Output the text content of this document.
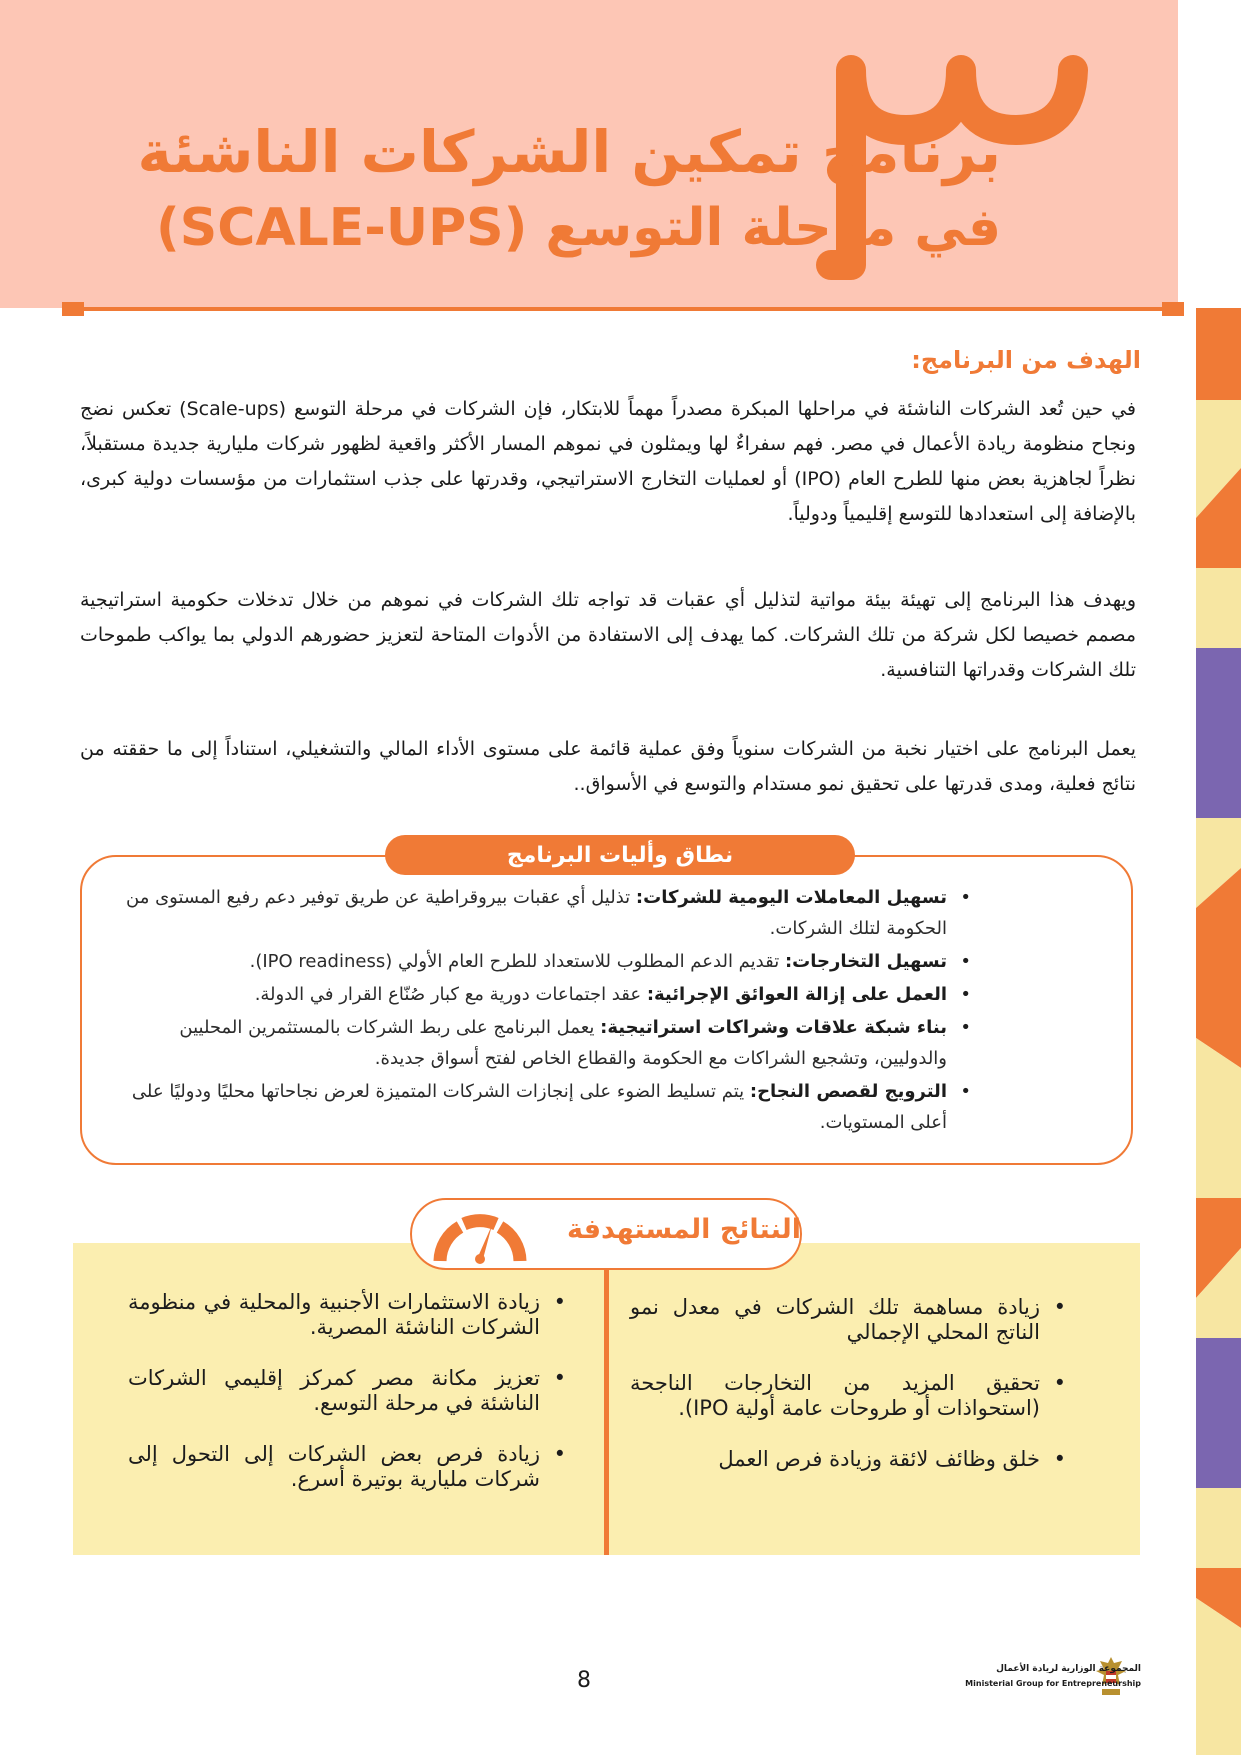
برنامج تمكين الشركات الناشئة
في مرحلة التوسع (SCALE-UPS)
الهدف من البرنامج:
في حين تُعد الشركات الناشئة في مراحلها المبكرة مصدراً مهماً للابتكار، فإن الشركات في مرحلة التوسع (Scale-ups) تعكس نضج ونجاح منظومة ريادة الأعمال في مصر. فهم سفراءٌ لها ويمثلون في نموهم المسار الأكثر واقعية لظهور شركات مليارية جديدة مستقبلاً، نظراً لجاهزية بعض منها للطرح العام (IPO) أو لعمليات التخارج الاستراتيجي، وقدرتها على جذب استثمارات من مؤسسات دولية كبرى، بالإضافة إلى استعدادها للتوسع إقليمياً ودولياً.
ويهدف هذا البرنامج إلى تهيئة بيئة مواتية لتذليل أي عقبات قد تواجه تلك الشركات في نموهم من خلال تدخلات حكومية استراتيجية مصمم خصيصا لكل شركة من تلك الشركات. كما يهدف إلى الاستفادة من الأدوات المتاحة لتعزيز حضورهم الدولي بما يواكب طموحات تلك الشركات وقدراتها التنافسية.
يعمل البرنامج على اختيار نخبة من الشركات سنوياً وفق عملية قائمة على مستوى الأداء المالي والتشغيلي، استناداً إلى ما حققته من نتائج فعلية، ومدى قدرتها على تحقيق نمو مستدام والتوسع في الأسواق..
نطاق وأليات البرنامج
• تسهيل المعاملات اليومية للشركات: تذليل أي عقبات بيروقراطية عن طريق توفير دعم رفيع المستوى من الحكومة لتلك الشركات.
• تسهيل التخارجات: تقديم الدعم المطلوب للاستعداد للطرح العام الأولي (IPO readiness).
• العمل على إزالة العوائق الإجرائية: عقد اجتماعات دورية مع كبار صُنّاع القرار في الدولة.
• بناء شبكة علاقات وشراكات استراتيجية: يعمل البرنامج على ربط الشركات بالمستثمرين المحليين والدوليين، وتشجيع الشراكات مع الحكومة والقطاع الخاص لفتح أسواق جديدة.
• الترويج لقصص النجاح: يتم تسليط الضوء على إنجازات الشركات المتميزة لعرض نجاحاتها محليًا ودوليًا على أعلى المستويات.
النتائج المستهدفة
• زيادة مساهمة تلك الشركات في معدل نمو الناتج المحلي الإجمالي
• تحقيق المزيد من التخارجات الناجحة (استحواذات أو طروحات عامة أولية IPO).
• خلق وظائف لائقة وزيادة فرص العمل
• زيادة الاستثمارات الأجنبية والمحلية في منظومة الشركات الناشئة المصرية.
• تعزيز مكانة مصر كمركز إقليمي الشركات الناشئة في مرحلة التوسع.
• زيادة فرص بعض الشركات إلى التحول إلى شركات مليارية بوتيرة أسرع.
8	المجموعة الوزارية لريادة الأعمال
Ministerial Group for Entrepreneurship
